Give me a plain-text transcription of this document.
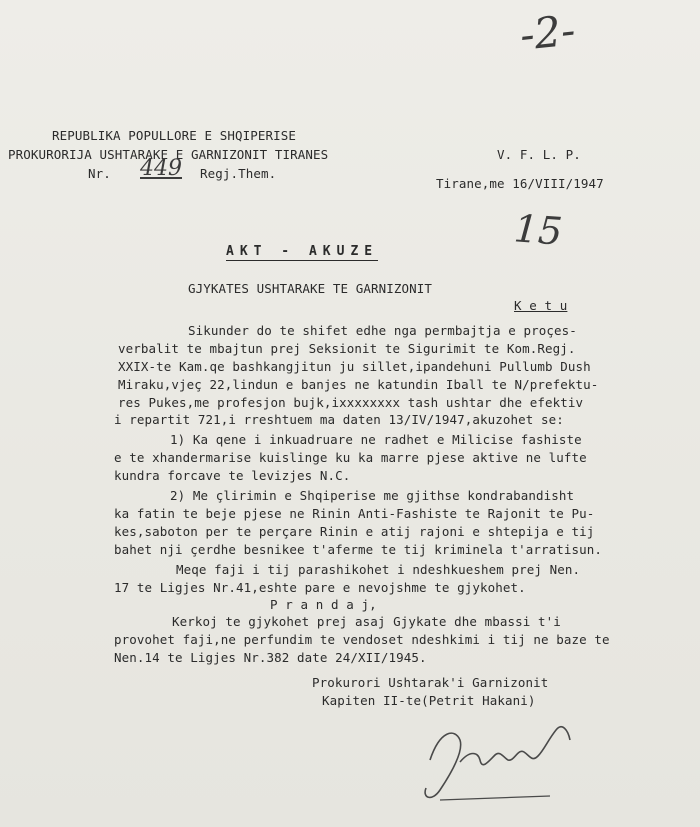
-2-
REPUBLIKA POPULLORE E SHQIPERISE
PROKURORIJA USHTARAKE E GARNIZONIT TIRANES
Nr. 449 Regj.Them.
V. F. L. P.
Tirane,me 16/VIII/1947
15
AKT - AKUZE
GJYKATES USHTARAKE TE GARNIZONIT
K e t u
Sikunder do te shifet edhe nga permbajtja e proçes-
verbalit te mbajtun prej Seksionit te Sigurimit te Kom.Regj.
XXIX-te Kam.qe bashkangjitun ju sillet,ipandehuni Pullumb Dush
Miraku,vjeç 22,lindun e banjes ne katundin Iball te N/prefektu-
res Pukes,me profesjon bujk,ixxxxxxxx tash ushtar dhe efektiv
i repartit 721,i rreshtuem ma daten 13/IV/1947,akuzohet se:
1) Ka qene i inkuadruare ne radhet e Milicise fashiste
e te xhandermarise kuislinge ku ka marre pjese aktive ne lufte
kundra forcave te levizjes N.C.
2) Me çlirimin e Shqiperise me gjithse kondrabandisht
ka fatin te beje pjese ne Rinin Anti-Fashiste te Rajonit te Pu-
kes,saboton per te perçare Rinin e atij rajoni e shtepija e tij
bahet nji çerdhe besnikee t'aferme te tij kriminela t'arratisun.
Meqe faji i tij parashikohet i ndeshkueshem prej Nen.
17 te Ligjes Nr.41,eshte pare e nevojshme te gjykohet.
P r a n d a j,
Kerkoj te gjykohet prej asaj Gjykate dhe mbassi t'i
provohet faji,ne perfundim te vendoset ndeshkimi i tij ne baze te
Nen.14 te Ligjes Nr.382 date 24/XII/1945.
Prokurori Ushtarak'i Garnizonit
Kapiten II-te(Petrit Hakani)
